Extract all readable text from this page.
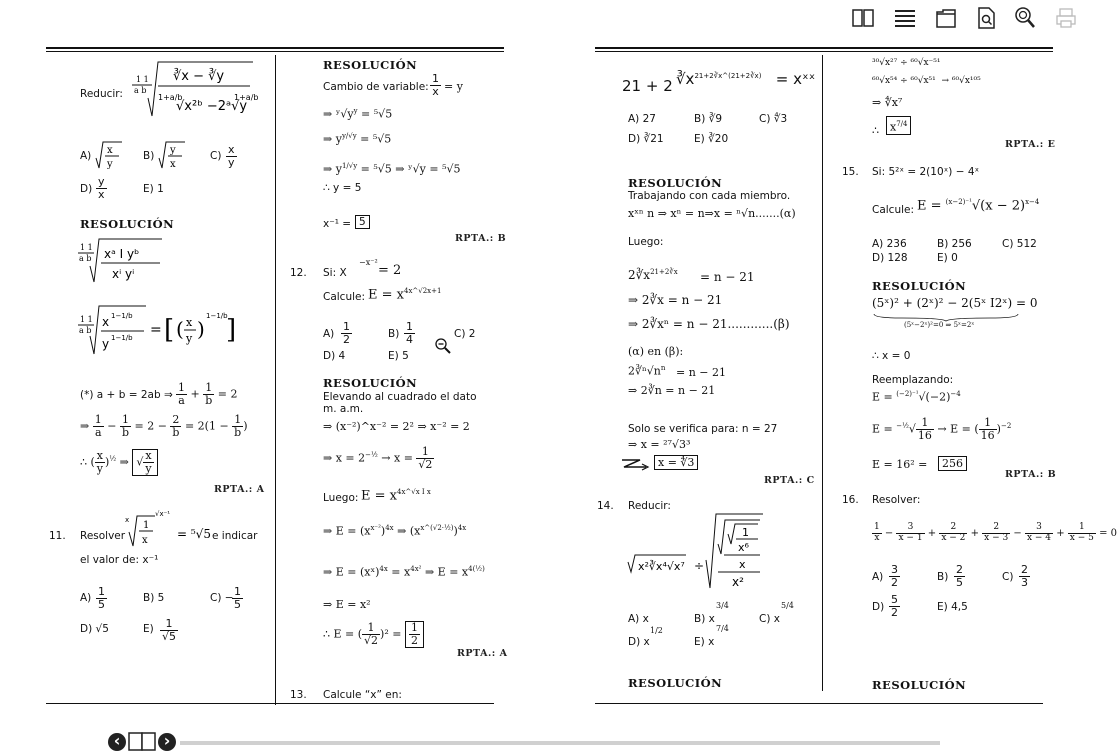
Reducir:
1 1
a b
∛x − ∛y
1+a/b
√x²ᵇ −2ᵃ√y
1+a/b
A) x
y
B) y
x
$C) \frac{x}{y}$
$D) \frac{y}{x}$	E) 1
RESOLUCIÓN
1 1
a b xᵃ I yᵇ
xⁱ yⁱ
1 1
a b
x 1−1/b
y 1−1/b = [ ( x
y )
1−1/b
]
(*) a + b = 2ab ⇒ $\frac{1}{a} + \frac{1}{b} = 2$
⇒ $\frac{1}{a} - \frac{1}{b} = 2 - \frac{2}{b} = 2(1 - \frac{1}{b}$ )
∴ ( $\frac{x}{y} )^{\frac{1}{2}}$ ⇒ √ $\frac{x}{y}$
RPTA.: A
11. Resolver
x 1
x
√x⁻¹
= ⁵√5 e indicar
el valor de: x⁻¹
$A) \frac{1}{5}$	B) 5	C) −
$\frac{1}{5}$
D) √5	$E) \frac{1}{√5}$
RESOLUCIÓN
Cambio de variable: $\frac{1}{x} = y$
⇒ $ʸ√y^y = ^5√5$
⇒ $y^{y/√y} = ^5√5$
⇒ $y^{1/√y} = ^5√5$ ⇒ ʸ√y = ⁵√5
∴ y = 5
x⁻¹ = 5
RPTA.: B
12. Si: X
−x⁻²
= 2
Calcule: $E = x^{4x\^{}√2x+1}$
$A) \frac{1}{2}$	$B) \frac{1}{4}$	C) 2
D) 4	E) 5
RESOLUCIÓN
Elevando al cuadrado el dato
m. a.m.
⇒ (x⁻²)^x⁻² = 2² ⇒ x⁻² = 2
⇒ $x = 2^{-\frac{1}{2}} \to x = \frac{1}{√2}$
Luego: $E = x^{4x\^{}√x I x}$
⇒ $E = (x^{x^{-2}})^{4x}$ ⇒ $(x^{x\^{}(√2\cdot\frac{1}{2})})^{4x}$
⇒ E = (xˣ)$^{4x}$ = $x^{4x^2}$ ⇒ $E = x^{4(\frac{1}{2})}$
⇒ E = x²
∴ E = ( $\frac{1}{√2} )^2 = \frac{1}{2}$
RPTA.: A
13. Calcule “x” en:
21 + 2 $∛x^{21+2∛x\^{}(21+2∛x)}$   = xˣˣ
A) 27	B) ∛9	C) ∜3
D) ∛21	E) ∛20
RESOLUCIÓN
Trabajando con cada miembro.
xˣⁿ n ⇒ xⁿ = n⇒x = ⁿ√n.......(α)
Luego:
$2∛x^{21+2∛x} = n - 21$
⇒ 2∛x = n − 21
⇒ 2∛xⁿ = n − 21............(β)
(α) en (β):
$2∛^n√n^n = n - 21$
⇒ 2∛n = n − 21
Solo se verifica para: n = 27
⇒ x = ²⁷√3³
x = ∜3
RPTA.: C
14. Reducir:
x²∛x⁴√x⁷ ÷
1
x⁶
x
x²
A) x	B) x
3/4
C) x
5/4
D) x
1/2
E) x
7/4
RESOLUCIÓN
³⁰√x²⁷ ÷ ⁶⁰√x⁻⁵¹
⁶⁰√x⁵⁴ ÷ ⁶⁰√x⁵¹  → ⁶⁰√x¹⁰⁵
⇒ ∜x⁷
∴	$x^{7/4}$
RPTA.: E
15. Si: 5²ˣ = 2(10ˣ) − 4ˣ
Calcule: $E = ^{(x-2)^{-1}}√(x - 2)^{x-4}$
A) 236	B) 256	C) 512
D) 128	E) 0
RESOLUCIÓN
(5ˣ)² + (2ˣ)² − 2(5ˣ I2ˣ) = 0
(5ˣ−2ˣ)²=0 ⇒ 5ˣ=2ˣ
∴ x = 0
Reemplazando:
$E = ^{(-2)^{-1}}√(-2)^{-4}$
$E = ^{-\frac{1}{2}}√ \frac{1}{16} \to E$ = ( $\frac{1}{16} )^{-2}$
E = 16² =	256
RPTA.: B
16. Resolver:
$\frac{1}{x} - \frac{3}{x - 1} + \frac{2}{x - 2} + \frac{2}{x - 3} - \frac{3}{x - 4} + \frac{1}{x - 5} = 0$
$A) \frac{3}{2}$	$B) \frac{2}{5}$	$C) \frac{2}{3}$
$D) \frac{5}{2}$	E) 4,5
RESOLUCIÓN
‹	›
